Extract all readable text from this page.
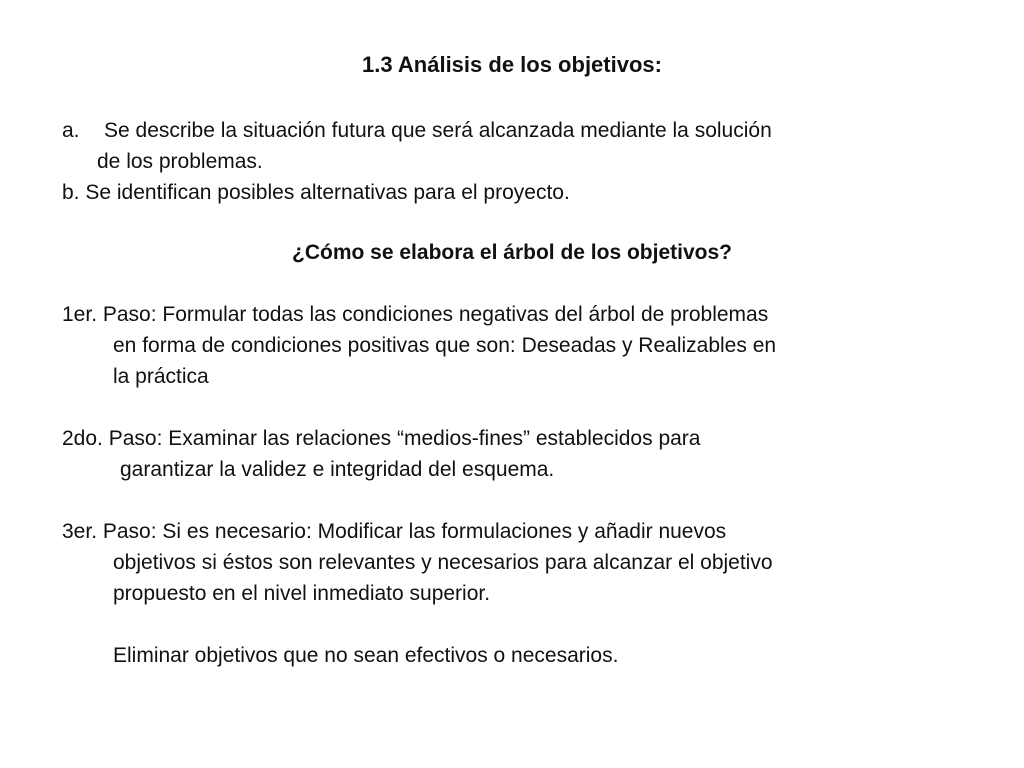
1.3 Análisis de los objetivos:

a. Se describe la situación futura que será alcanzada mediante la solución

de los problemas.

b. Se identifican posibles alternativas para el proyecto.

¿Cómo se elabora el árbol de los objetivos?

1er. Paso: Formular todas las condiciones negativas del árbol de problemas

en forma de condiciones positivas que son: Deseadas y Realizables en

la práctica

2do. Paso: Examinar las relaciones “medios-fines” establecidos para

garantizar la validez e integridad del esquema.

3er. Paso: Si es necesario: Modificar las formulaciones y añadir nuevos

objetivos si éstos son relevantes y necesarios para alcanzar el objetivo

propuesto en el nivel inmediato superior.

Eliminar objetivos que no sean efectivos o necesarios.
